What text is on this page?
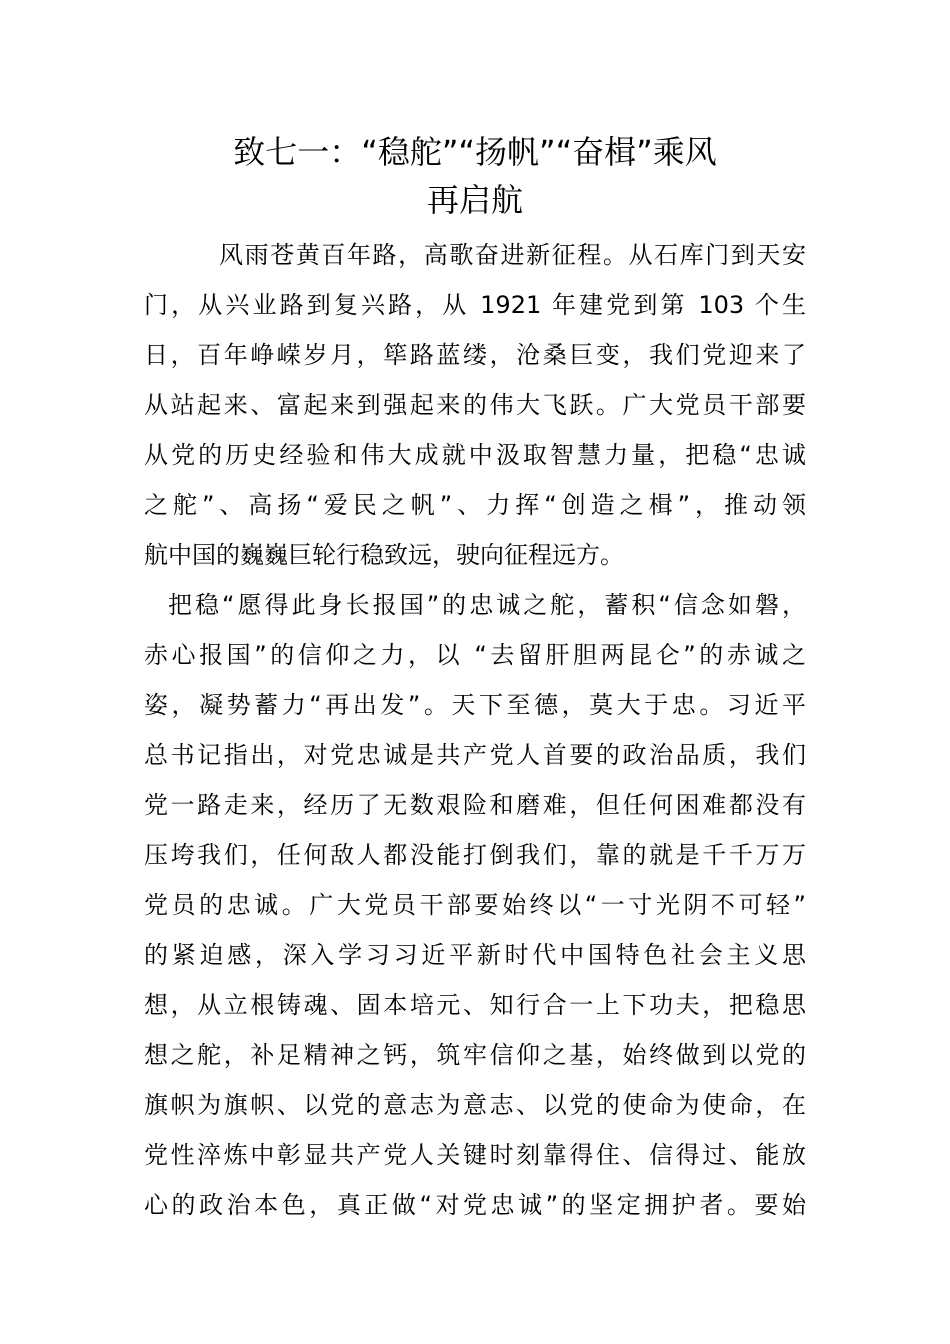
致七一：“稳舵”“扬帆”“奋楫”乘风
再启航
风雨苍黄百年路，高歌奋进新征程。从石库门到天安
门，从兴业路到复兴路，从 1921 年建党到第 103 个生
日，百年峥嵘岁月，筚路蓝缕，沧桑巨变，我们党迎来了
从站起来、富起来到强起来的伟大飞跃。广大党员干部要
从党的历史经验和伟大成就中汲取智慧力量，把稳“忠诚
之舵”、高扬“爱民之帆”、力挥“创造之楫”，推动领
航中国的巍巍巨轮行稳致远，驶向征程远方。
把稳“愿得此身长报国”的忠诚之舵，蓄积“信念如磐，
赤心报国”的信仰之力，以 “去留肝胆两昆仑”的赤诚之
姿，凝势蓄力“再出发”。天下至德，莫大于忠。习近平
总书记指出，对党忠诚是共产党人首要的政治品质，我们
党一路走来，经历了无数艰险和磨难，但任何困难都没有
压垮我们，任何敌人都没能打倒我们，靠的就是千千万万
党员的忠诚。广大党员干部要始终以“一寸光阴不可轻”
的紧迫感，深入学习习近平新时代中国特色社会主义思
想，从立根铸魂、固本培元、知行合一上下功夫，把稳思
想之舵，补足精神之钙，筑牢信仰之基，始终做到以党的
旗帜为旗帜、以党的意志为意志、以党的使命为使命，在
党性淬炼中彰显共产党人关键时刻靠得住、信得过、能放
心的政治本色，真正做“对党忠诚”的坚定拥护者。要始
